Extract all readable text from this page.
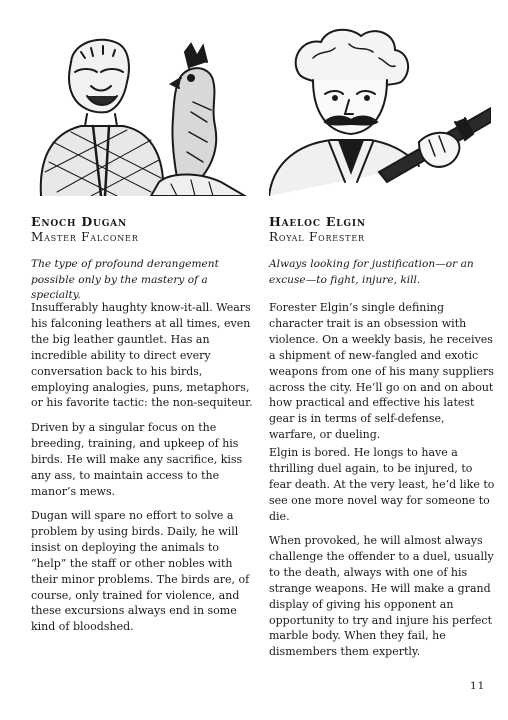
Enoch Dugan
Master Falconer
The type of profound derangement possible only by the mastery of a specialty.
Insufferably haughty know-it-all. Wears his falconing leathers at all times, even the big leather gauntlet. Has an incredible ability to direct every conversation back to his birds, employing analogies, puns, metaphors, or his favorite tactic: the non-sequiteur.
Driven by a singular focus on the breeding, training, and upkeep of his birds. He will make any sacrifice, kiss any ass, to maintain access to the manor’s mews.
Dugan will spare no effort to solve a problem by using birds. Daily, he will insist on deploying the animals to “help” the staff or other nobles with their minor problems. The birds are, of course, only trained for violence, and these excursions always end in some kind of bloodshed.
Haeloc Elgin
Royal Forester
Always looking for justification—or an excuse—to fight, injure, kill.
Forester Elgin’s single defining character trait is an obsession with violence. On a weekly basis, he receives a shipment of new-fangled and exotic weapons from one of his many suppliers across the city. He’ll go on and on about how practical and effective his latest gear is in terms of self-defense, warfare, or dueling.
Elgin is bored. He longs to have a thrilling duel again, to be injured, to fear death. At the very least, he’d like to see one more novel way for someone to die.
When provoked, he will almost always challenge the offender to a duel, usually to the death, always with one of his strange weapons. He will make a grand display of giving his opponent an opportunity to try and injure his perfect marble body. When they fail, he dismembers them expertly.
11
